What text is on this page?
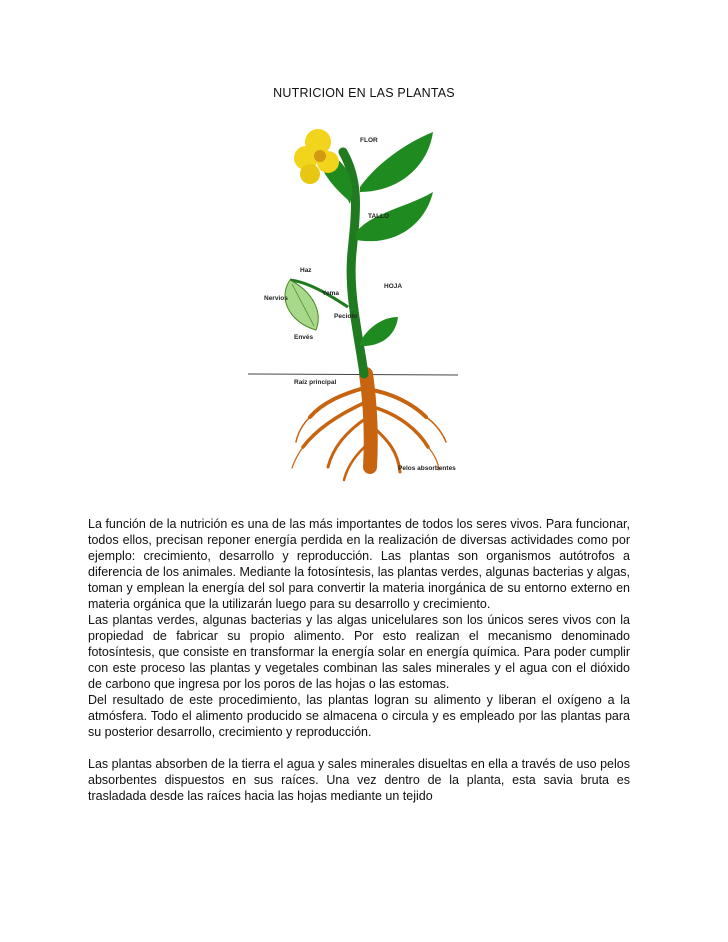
NUTRICION EN LAS PLANTAS
FLOR
TALLO
Haz
Yema
HOJA
Nervios
Peciolo
Envés
Raíz principal
Pelos absorbentes

La función de la nutrición es una de las más importantes de todos los seres vivos. Para funcionar, todos ellos, precisan reponer energía perdida en la realización de diversas actividades como por ejemplo: crecimiento, desarrollo y reproducción. Las plantas son organismos autótrofos a diferencia de los animales. Mediante la fotosíntesis, las plantas verdes, algunas bacterias y algas, toman y emplean la energía del sol para convertir la materia inorgánica de su entorno externo en materia orgánica que la utilizarán luego para su desarrollo y crecimiento.

Las plantas verdes, algunas bacterias y las algas unicelulares son los únicos seres vivos con la propiedad de fabricar su propio alimento. Por esto realizan el mecanismo denominado fotosíntesis, que consiste en transformar la energía solar en energía química. Para poder cumplir con este proceso las plantas y vegetales combinan las sales minerales y el agua con el dióxido de carbono que ingresa por los poros de las hojas o las estomas.

Del resultado de este procedimiento, las plantas logran su alimento y liberan el oxígeno a la atmósfera. Todo el alimento producido se almacena o circula y es empleado por las plantas para su posterior desarrollo, crecimiento y reproducción.

Las plantas absorben de la tierra el agua y sales minerales disueltas en ella a través de uso pelos absorbentes dispuestos en sus raíces. Una vez dentro de la planta, esta savia bruta es trasladada desde las raíces hacia las hojas mediante un tejido
